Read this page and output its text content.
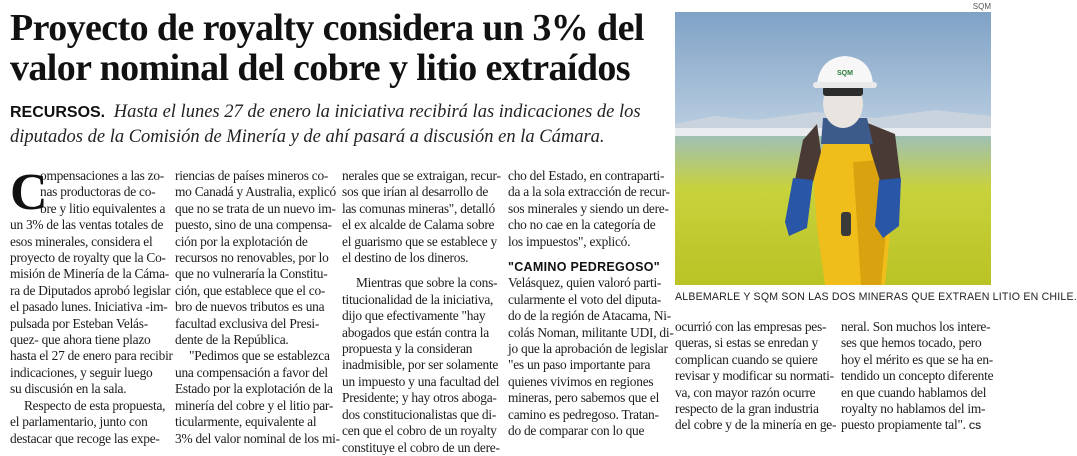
Proyecto de royalty considera un 3% del
valor nominal del cobre y litio extraídos
RECURSOS. Hasta el lunes 27 de enero la iniciativa recibirá las indicaciones de los
diputados de la Comisión de Minería y de ahí pasará a discusión en la Cámara.
C
ompensaciones a las zo-
nas productoras de co-
bre y litio equivalentes a
un 3% de las ventas totales de
esos minerales, considera el
proyecto de royalty que la Co-
misión de Minería de la Cáma-
ra de Diputados aprobó legislar
el pasado lunes. Iniciativa -im-
pulsada por Esteban Velás-
quez- que ahora tiene plazo
hasta el 27 de enero para recibir
indicaciones, y seguir luego
su discusión en la sala.
Respecto de esta propuesta,
el parlamentario, junto con
destacar que recoge las expe-
riencias de países mineros co-
mo Canadá y Australia, explicó
que no se trata de un nuevo im-
puesto, sino de una compensa-
ción por la explotación de
recursos no renovables, por lo
que no vulneraría la Constitu-
ción, que establece que el co-
bro de nuevos tributos es una
facultad exclusiva del Presi-
dente de la República.
"Pedimos que se establezca
una compensación a favor del
Estado por la explotación de la
minería del cobre y el litio par-
ticularmente, equivalente al
3% del valor nominal de los mi-
nerales que se extraigan, recur-
sos que irían al desarrollo de
las comunas mineras", detalló
el ex alcalde de Calama sobre
el guarismo que se establece y
el destino de los dineros.
Mientras que sobre la cons-
titucionalidad de la iniciativa,
dijo que efectivamente "hay
abogados que están contra la
propuesta y la consideran
inadmisible, por ser solamente
un impuesto y una facultad del
Presidente; y hay otros aboga-
dos constitucionalistas que di-
cen que el cobro de un royalty
constituye el cobro de un dere-
cho del Estado, en contraparti-
da a la sola extracción de recur-
sos minerales y siendo un dere-
cho no cae en la categoría de
los impuestos", explicó.
"CAMINO PEDREGOSO"
Velásquez, quien valoró parti-
cularmente el voto del diputa-
do de la región de Atacama, Ni-
colás Noman, militante UDI, di-
jo que la aprobación de legislar
"es un paso importante para
quienes vivimos en regiones
mineras, pero sabemos que el
camino es pedregoso. Tratan-
do de comparar con lo que
SQM
SQM
ALBEMARLE Y SQM SON LAS DOS MINERAS QUE EXTRAEN LITIO EN CHILE.
ocurrió con las empresas pes-
queras, si estas se enredan y
complican cuando se quiere
revisar y modificar su normati-
va, con mayor razón ocurre
respecto de la gran industria
del cobre y de la minería en ge-
neral. Son muchos los intere-
ses que hemos tocado, pero
hoy el mérito es que se ha en-
tendido un concepto diferente
en que cuando hablamos del
royalty no hablamos del im-
puesto propiamente tal". CS
